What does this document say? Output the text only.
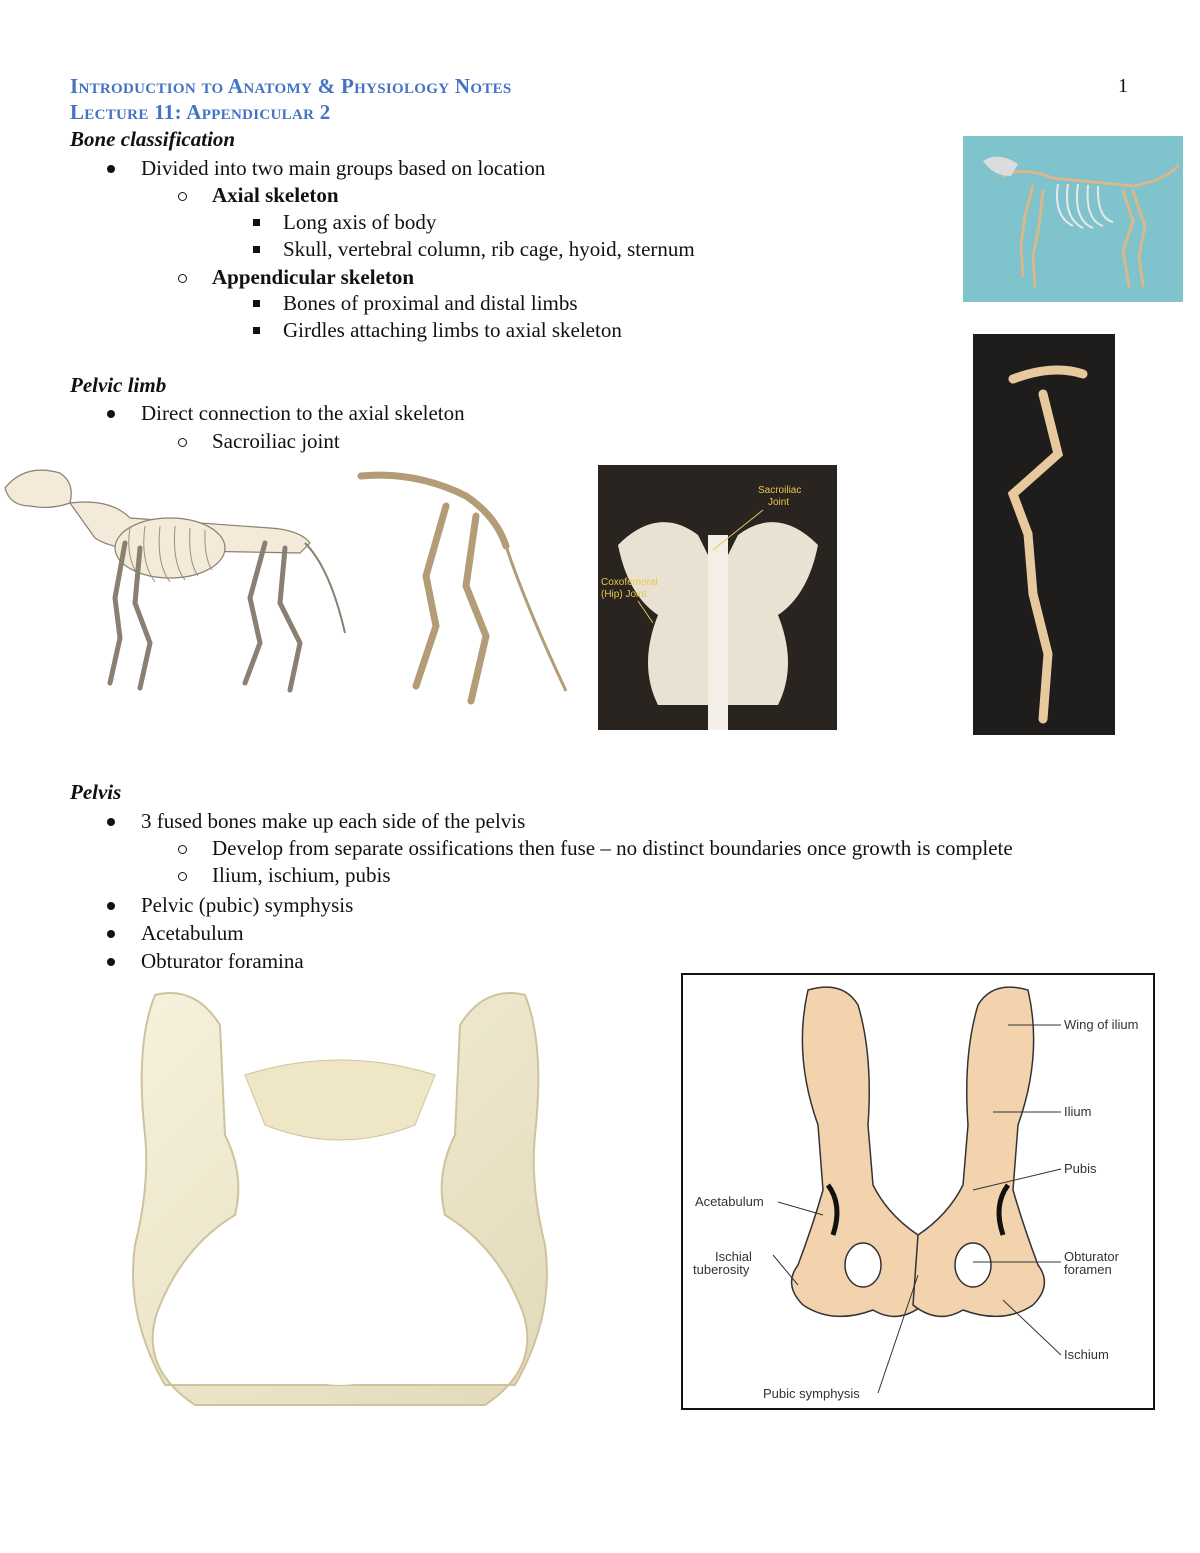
Introduction to Anatomy & Physiology Notes
Lecture 11: Appendicular 2
1
Bone classification
Divided into two main groups based on location
Axial skeleton
Long axis of body
Skull, vertebral column, rib cage, hyoid, sternum
Appendicular skeleton
Bones of proximal and distal limbs
Girdles attaching limbs to axial skeleton
Pelvic limb
Direct connection to the axial skeleton
Sacroiliac joint
Sacroiliac
Joint
Coxofemoral
(Hip) Joint
Pelvis
3 fused bones make up each side of the pelvis
Develop from separate ossifications then fuse – no distinct boundaries once growth is complete
Ilium, ischium, pubis
Pelvic (pubic) symphysis
Acetabulum
Obturator foramina
Wing of ilium
Ilium
Pubis
Acetabulum
Ischial
tuberosity
Obturator
foramen
Ischium
Pubic symphysis
